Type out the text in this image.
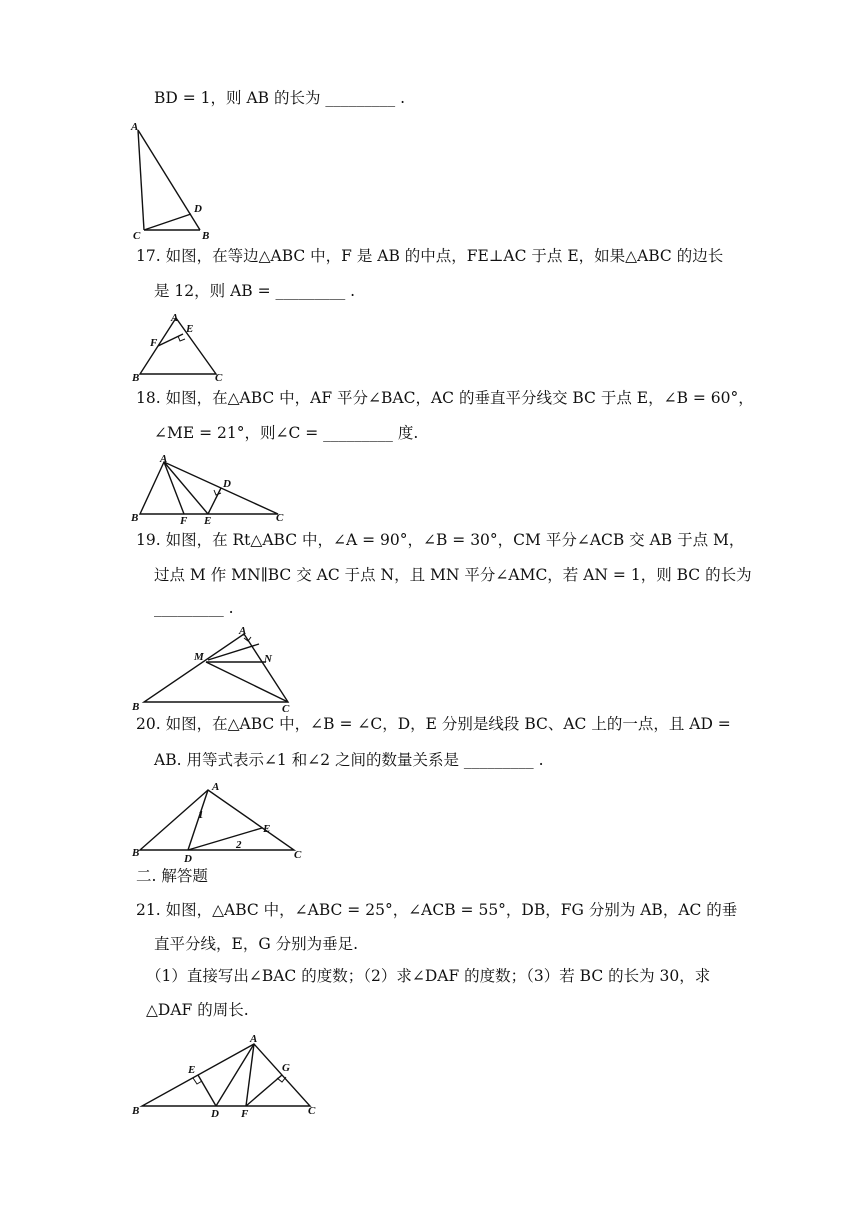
BD = 1，则 AB 的长为 _________ .
A
D
C	B
17. 如图，在等边△ABC 中，F 是 AB 的中点，FE⊥AC 于点 E，如果△ABC 的边长
是 12，则 AB = _________ .
A
E
F
B	C
18. 如图，在△ABC 中，AF 平分∠BAC，AC 的垂直平分线交 BC 于点 E，∠B = 60°，
∠ME = 21°，则∠C = _________ 度.
A
D
B	F E	C
19. 如图，在 Rt△ABC 中，∠A = 90°，∠B = 30°，CM 平分∠ACB 交 AB 于点 M，
过点 M 作 MN∥BC 交 AC 于点 N，且 MN 平分∠AMC，若 AN = 1，则 BC 的长为
_________ .
A
M	N
B	C
20. 如图，在△ABC 中，∠B = ∠C，D，E 分别是线段 BC、AC 上的一点，且 AD =
AB. 用等式表示∠1 和∠2 之间的数量关系是 _________ .
A
1
E
2
B	D	C
二. 解答题
21. 如图，△ABC 中，∠ABC = 25°，∠ACB = 55°，DB，FG 分别为 AB，AC 的垂
直平分线，E，G 分别为垂足.
（1）直接写出∠BAC 的度数；（2）求∠DAF 的度数；（3）若 BC 的长为 30，求
△DAF 的周长.
A
E	G
B	D F	C
